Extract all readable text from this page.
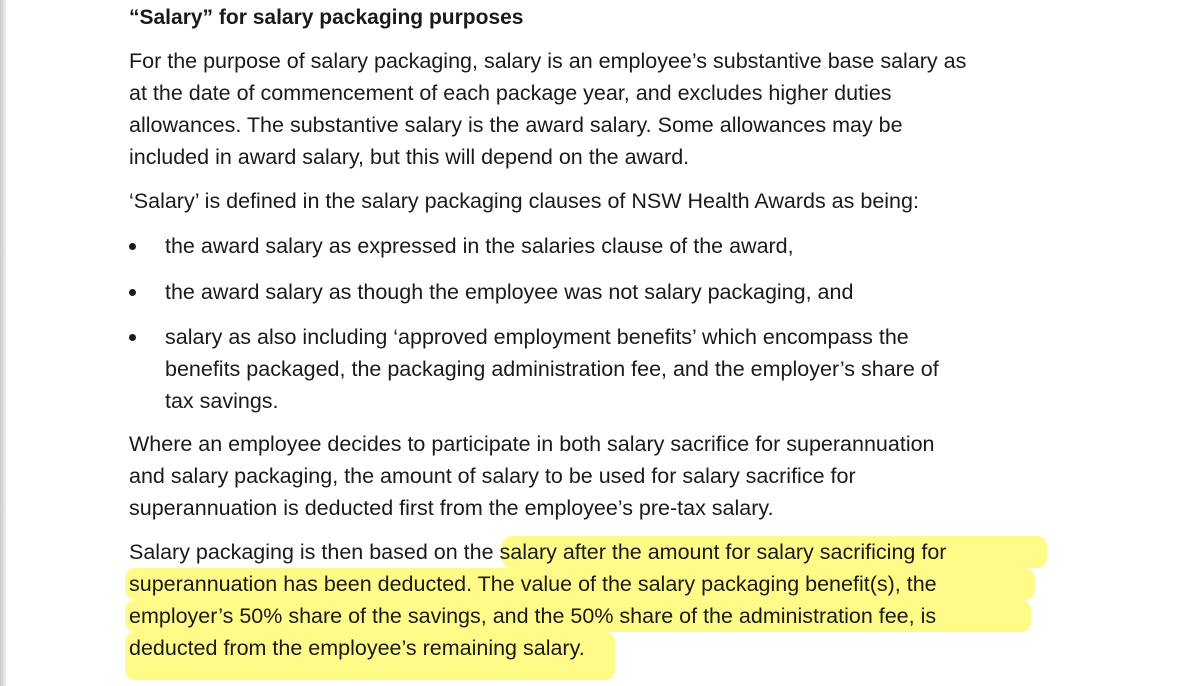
“Salary” for salary packaging purposes

For the purpose of salary packaging, salary is an employee’s substantive base salary as
at the date of commencement of each package year, and excludes higher duties
allowances. The substantive salary is the award salary. Some allowances may be
included in award salary, but this will depend on the award.

‘Salary’ is defined in the salary packaging clauses of NSW Health Awards as being:

the award salary as expressed in the salaries clause of the award,
the award salary as though the employee was not salary packaging, and
salary as also including ‘approved employment benefits’ which encompass the
benefits packaged, the packaging administration fee, and the employer’s share of
tax savings.

Where an employee decides to participate in both salary sacrifice for superannuation
and salary packaging, the amount of salary to be used for salary sacrifice for
superannuation is deducted first from the employee’s pre-tax salary.

Salary packaging is then based on the salary after the amount for salary sacrificing for
superannuation has been deducted. The value of the salary packaging benefit(s), the
employer’s 50% share of the savings, and the 50% share of the administration fee, is
deducted from the employee’s remaining salary.
